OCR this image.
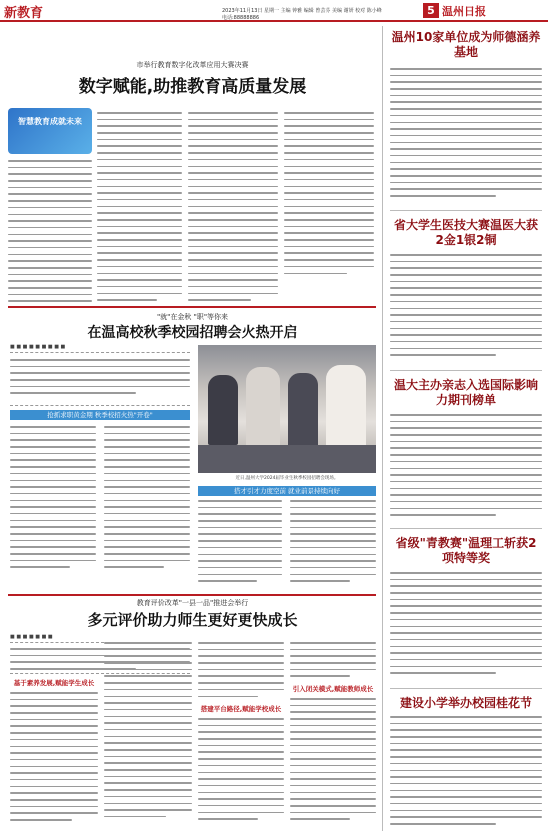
新教育	2023年11月13日 星期一 主编 钟雅 编辑 曾芸芬 美编 谢妍 校对 陈小峰
电话:88888886
5 温州日报
市举行教育数字化改革应用大赛决赛
数字赋能,助推教育高质量发展
智慧教育成就未来
"就"在金秋 "职"等你来
在温高校秋季校园招聘会火热开启
■ ■ ■ ■ ■ ■ ■ ■ ■
抢抓求职黄金期 秋季校招火热"开卷"
近日,温州大学2024届毕业生秋季校园招聘会现场。
搭才引才力度空前 就业前景持续向好
教育评价改革"一县一品"推进会举行
多元评价助力师生更好更快成长
■ ■ ■ ■ ■ ■ ■
基于素养发展,赋能学生成长
搭建平台路径,赋能学校成长
引入闭关模式,赋能教师成长
温州10家单位成为师德涵养基地
省大学生医技大赛温医大获2金1银2铜
温大主办亲志入选国际影响力期刊榜单
省级"青教赛"温理工斩获2项特等奖
建设小学举办校园桂花节
